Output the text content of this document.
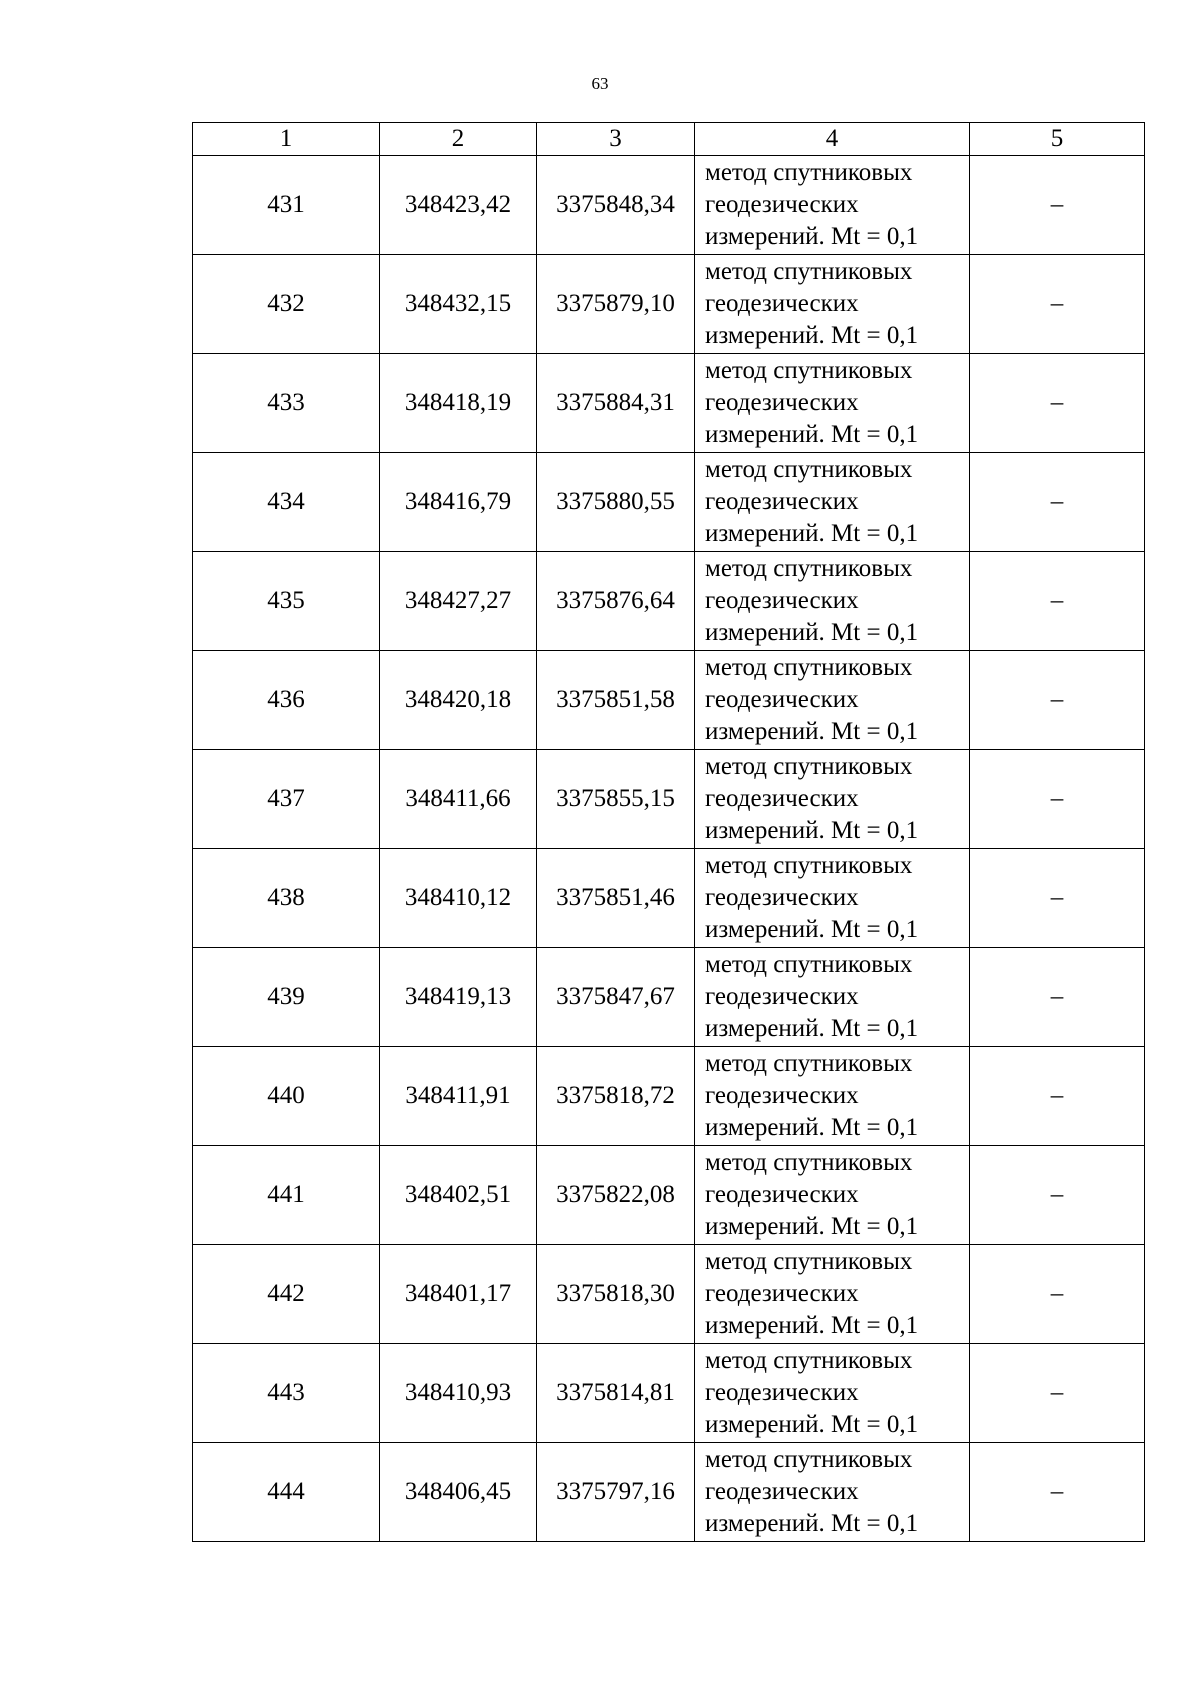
63
1	2	3	4	5
431	348423,42	3375848,34	метод спутниковых
геодезических
измерений. Mt = 0,1	–
432	348432,15	3375879,10	метод спутниковых
геодезических
измерений. Mt = 0,1	–
433	348418,19	3375884,31	метод спутниковых
геодезических
измерений. Mt = 0,1	–
434	348416,79	3375880,55	метод спутниковых
геодезических
измерений. Mt = 0,1	–
435	348427,27	3375876,64	метод спутниковых
геодезических
измерений. Mt = 0,1	–
436	348420,18	3375851,58	метод спутниковых
геодезических
измерений. Mt = 0,1	–
437	348411,66	3375855,15	метод спутниковых
геодезических
измерений. Mt = 0,1	–
438	348410,12	3375851,46	метод спутниковых
геодезических
измерений. Mt = 0,1	–
439	348419,13	3375847,67	метод спутниковых
геодезических
измерений. Mt = 0,1	–
440	348411,91	3375818,72	метод спутниковых
геодезических
измерений. Mt = 0,1	–
441	348402,51	3375822,08	метод спутниковых
геодезических
измерений. Mt = 0,1	–
442	348401,17	3375818,30	метод спутниковых
геодезических
измерений. Mt = 0,1	–
443	348410,93	3375814,81	метод спутниковых
геодезических
измерений. Mt = 0,1	–
444	348406,45	3375797,16	метод спутниковых
геодезических
измерений. Mt = 0,1	–
